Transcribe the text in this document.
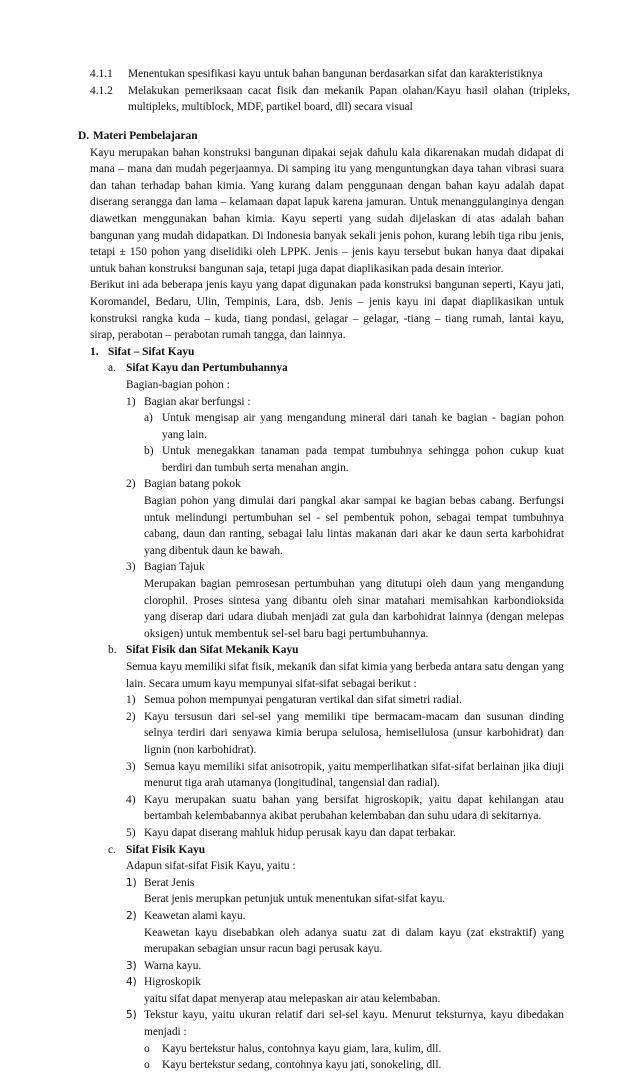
4.1.1	Menentukan spesifikasi kayu untuk bahan bangunan berdasarkan sifat dan karakteristiknya
4.1.2	Melakukan pemeriksaan cacat fisik dan mekanik Papan olahan/Kayu hasil olahan (tripleks, multipleks, multiblock, MDF, partikel board, dll) secara visual
D. Materi Pembelajaran
Kayu merupakan bahan konstruksi bangunan dipakai sejak dahulu kala dikarenakan mudah didapat di mana – mana dan mudah pegerjaannya. Di samping itu yang menguntungkan daya tahan vibrasi suara dan tahan terhadap bahan kimia. Yang kurang dalam penggunaan dengan bahan kayu adalah dapat diserang serangga dan lama – kelamaan dapat lapuk karena jamuran. Untuk menanggulanginya dengan diawetkan menggunakan bahan kimia. Kayu seperti yang sudah dijelaskan di atas adalah bahan bangunan yang mudah didapatkan. Di Indonesia banyak sekali jenis pohon, kurang lebih tiga ribu jenis, tetapi ± 150 pohon yang diselidiki oleh LPPK. Jenis – jenis kayu tersebut bukan hanya daat dipakai untuk bahan konstruksi bangunan saja, tetapi juga dapat diaplikasikan pada desain interior.
Berikut ini ada beberapa jenis kayu yang dapat digunakan pada konstruksi bangunan seperti, Kayu jati, Koromandel, Bedaru, Ulin, Tempinis, Lara, dsb. Jenis – jenis kayu ini dapat diaplikasikan untuk konstruksi rangka kuda – kuda, tiang pondasi, gelagar – gelagar, -tiang – tiang rumah, lantai kayu, sirap, perabotan – perabotan rumah tangga, dan lainnya.
1. Sifat – Sifat Kayu
a. Sifat Kayu dan Pertumbuhannya
Bagian-bagian pohon :
1) Bagian akar berfungsi :
a) Untuk mengisap air yang mengandung mineral dari tanah ke bagian - bagian pohon yang lain.
b) Untuk menegakkan tanaman pada tempat tumbuhnya sehingga pohon cukup kuat berdiri dan tumbuh serta menahan angin.
2) Bagian batang pokok
Bagian pohon yang dimulai dari pangkal akar sampai ke bagian bebas cabang. Berfungsi untuk melindungi pertumbuhan sel - sel pembentuk pohon, sebagai tempat tumbuhnya cabang, daun dan ranting, sebagai lalu lintas makanan dari akar ke daun serta karbohidrat yang dibentuk daun ke bawah.
3) Bagian Tajuk
Merupakan bagian pemrosesan pertumbuhan yang ditutupi oleh daun yang mengandung clorophil. Proses sintesa yang dibantu oleh sinar matahari memisahkan karbondioksida yang diserap dari udara diubah menjadi zat gula dan karbohidrat lainnya (dengan melepas oksigen) untuk membentuk sel-sel baru bagi pertumbuhannya.
b. Sifat Fisik dan Sifat Mekanik Kayu
Semua kayu memiliki sifat fisik, mekanik dan sifat kimia yang berbeda antara satu dengan yang lain. Secara umum kayu mempunyai sifat-sifat sebagai berikut :
1) Semua pohon mempunyai pengaturan vertikal dan sifat simetri radial.
2) Kayu tersusun dari sel-sel yang memiliki tipe bermacam-macam dan susunan dinding selnya terdiri dari senyawa kimia berupa selulosa, hemisellulosa (unsur karbohidrat) dan lignin (non karbohidrat).
3) Semua kayu memiliki sifat anisotropik, yaitu memperlihatkan sifat-sifat berlainan jika diuji menurut tiga arah utamanya (longitudinal, tangensial dan radial).
4) Kayu merupakan suatu bahan yang bersifat higroskopik, yaitu dapat kehilangan atau bertambah kelembabannya akibat perubahan kelembaban dan suhu udara di sekitarnya.
5) Kayu dapat diserang mahluk hidup perusak kayu dan dapat terbakar.
c. Sifat Fisik Kayu
Adapun sifat-sifat Fisik Kayu, yaitu :
1) Berat Jenis
Berat jenis merupkan petunjuk untuk menentukan sifat-sifat kayu.
2) Keawetan alami kayu.
Keawetan kayu disebabkan oleh adanya suatu zat di dalam kayu (zat ekstraktif) yang merupakan sebagian unsur racun bagi perusak kayu.
3) Warna kayu.
4) Higroskopik
yaitu sifat dapat menyerap atau melepaskan air atau kelembaban.
5) Tekstur kayu, yaitu ukuran relatif dari sel-sel kayu. Menurut teksturnya, kayu dibedakan menjadi :
o	Kayu bertekstur halus, contohnya kayu giam, lara, kulim, dll.
o	Kayu bertekstur sedang, contohnya kayu jati, sonokeling, dll.
